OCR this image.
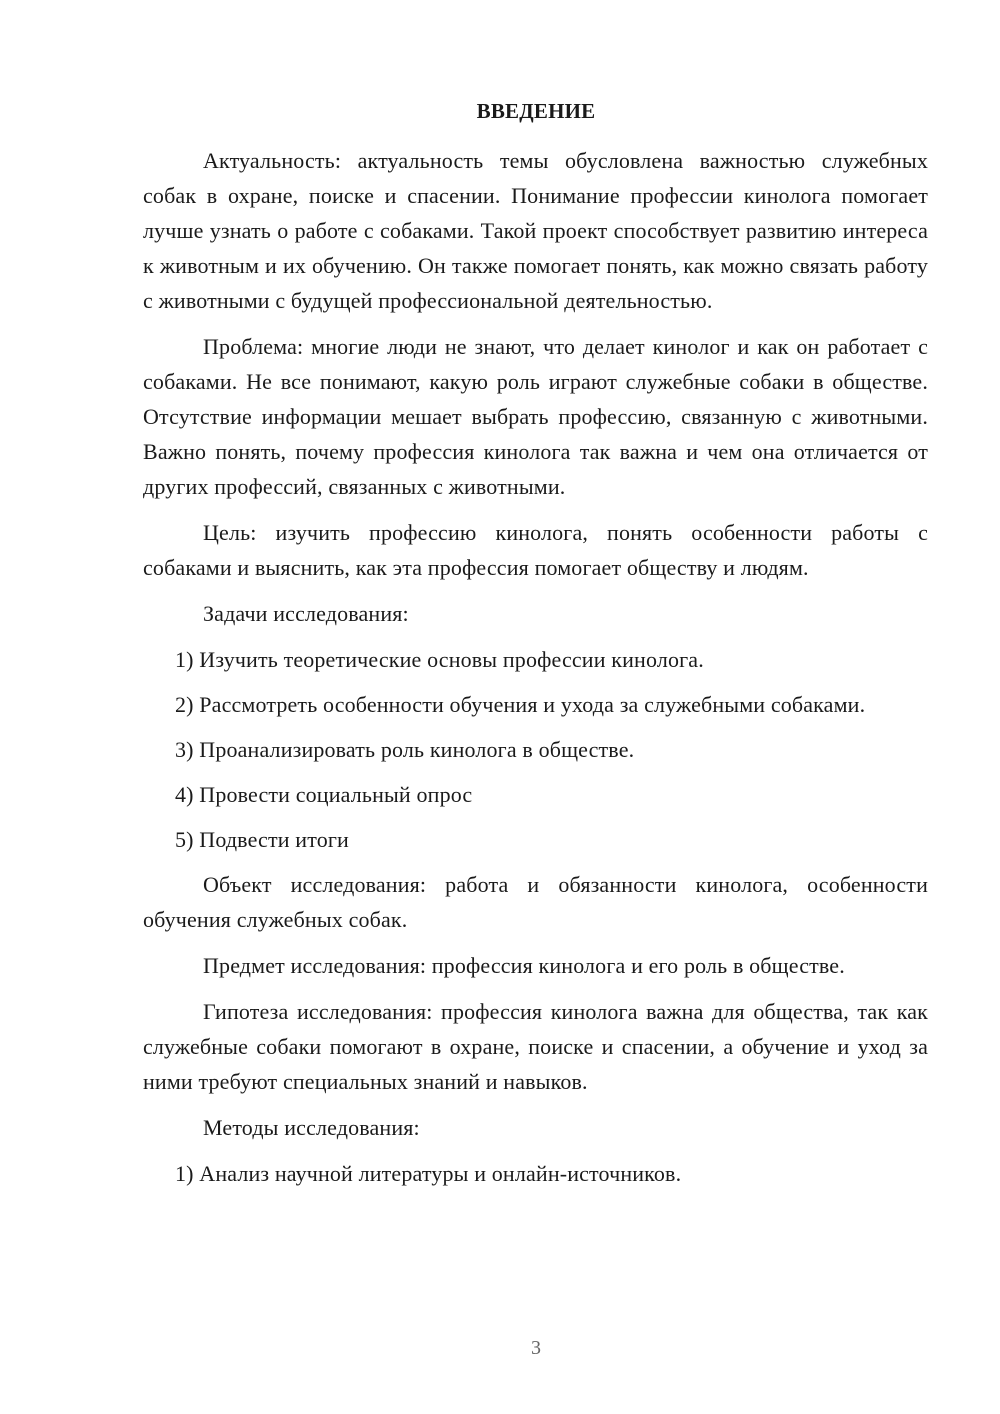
ВВЕДЕНИЕ

Актуальность: актуальность темы обусловлена важностью служебных собак в охране, поиске и спасении. Понимание профессии кинолога помогает лучше узнать о работе с собаками. Такой проект способствует развитию интереса к животным и их обучению. Он также помогает понять, как можно связать работу с животными с будущей профессиональной деятельностью.

Проблема: многие люди не знают, что делает кинолог и как он работает с собаками. Не все понимают, какую роль играют служебные собаки в обществе. Отсутствие информации мешает выбрать профессию, связанную с животными. Важно понять, почему профессия кинолога так важна и чем она отличается от других профессий, связанных с животными.

Цель: изучить профессию кинолога, понять особенности работы с собаками и выяснить, как эта профессия помогает обществу и людям.

Задачи исследования:

1) Изучить теоретические основы профессии кинолога.

2) Рассмотреть особенности обучения и ухода за служебными собаками.

3) Проанализировать роль кинолога в обществе.

4) Провести социальный опрос

5) Подвести итоги

Объект исследования: работа и обязанности кинолога, особенности обучения служебных собак.

Предмет исследования: профессия кинолога и его роль в обществе.

Гипотеза исследования: профессия кинолога важна для общества, так как служебные собаки помогают в охране, поиске и спасении, а обучение и уход за ними требуют специальных знаний и навыков.

Методы исследования:

1) Анализ научной литературы и онлайн-источников.

3
